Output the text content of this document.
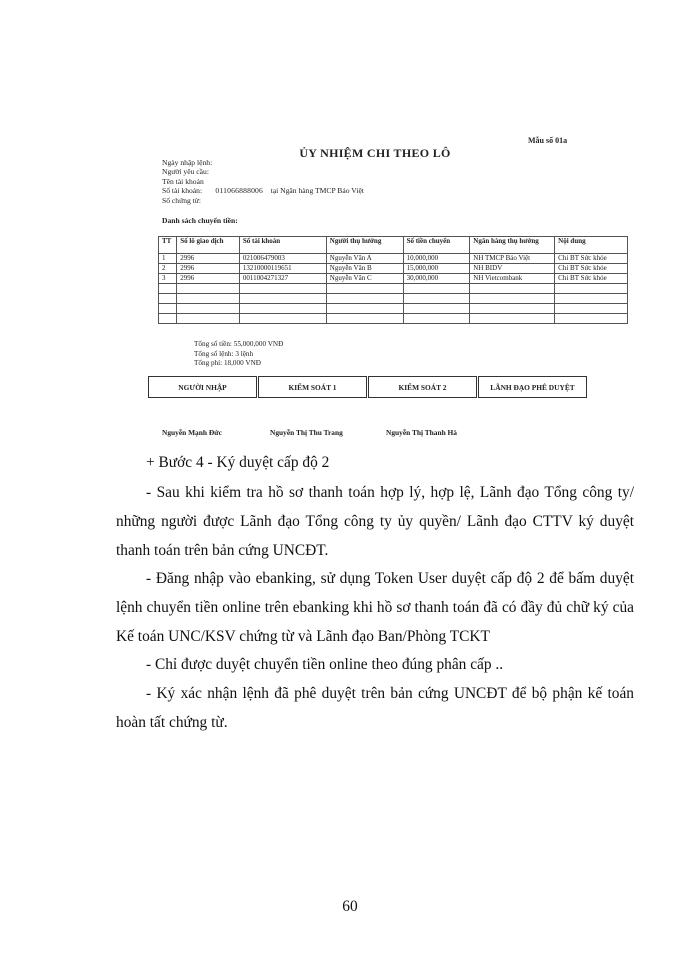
Mẫu số 01a
ỦY NHIỆM CHI THEO LÔ
Ngày nhập lệnh:
Người yêu cầu:
Tên tài khoản
Số tài khoản: 011066888006 tại Ngân hàng TMCP Bảo Việt
Số chứng từ:
Danh sách chuyển tiền:
TT	Số lô giao dịch	Số tài khoản	Người thụ hưởng	Số tiền chuyển	Ngân hàng thụ hưởng	Nội dung
1	2996	021006479003	Nguyễn Văn A	10,000,000	NH TMCP Bảo Việt	Chi BT Sức khỏe
2	2996	13210000119651	Nguyễn Văn B	15,000,000	NH BIDV	Chi BT Sức khỏe
3	2996	0011004271327	Nguyễn Văn C	30,000,000	NH Vietcombank	Chi BT Sức khỏe

Tổng số tiền: 55,000,000 VNĐ
Tổng số lệnh: 3 lệnh
Tổng phí: 18,000 VNĐ
NGƯỜI NHẬP	KIỂM SOÁT 1	KIỂM SOÁT 2	LÃNH ĐẠO PHÊ DUYỆT
Nguyễn Mạnh Đức	Nguyễn Thị Thu Trang	Nguyễn Thị Thanh Hà
+ Bước 4 - Ký duyệt cấp độ 2
- Sau khi kiểm tra hồ sơ thanh toán hợp lý, hợp lệ, Lãnh đạo Tổng công ty/ những người được Lãnh đạo Tổng công ty ủy quyền/ Lãnh đạo CTTV ký duyệt thanh toán trên bản cứng UNCĐT.
- Đăng nhập vào ebanking, sử dụng Token User duyệt cấp độ 2 để bấm duyệt lệnh chuyển tiền online trên ebanking khi hồ sơ thanh toán đã có đầy đủ chữ ký của Kế toán UNC/KSV chứng từ và Lãnh đạo Ban/Phòng TCKT
- Chỉ được duyệt chuyển tiền online theo đúng phân cấp ..
- Ký xác nhận lệnh đã phê duyệt trên bản cứng UNCĐT để bộ phận kế toán hoàn tất chứng từ.
60
